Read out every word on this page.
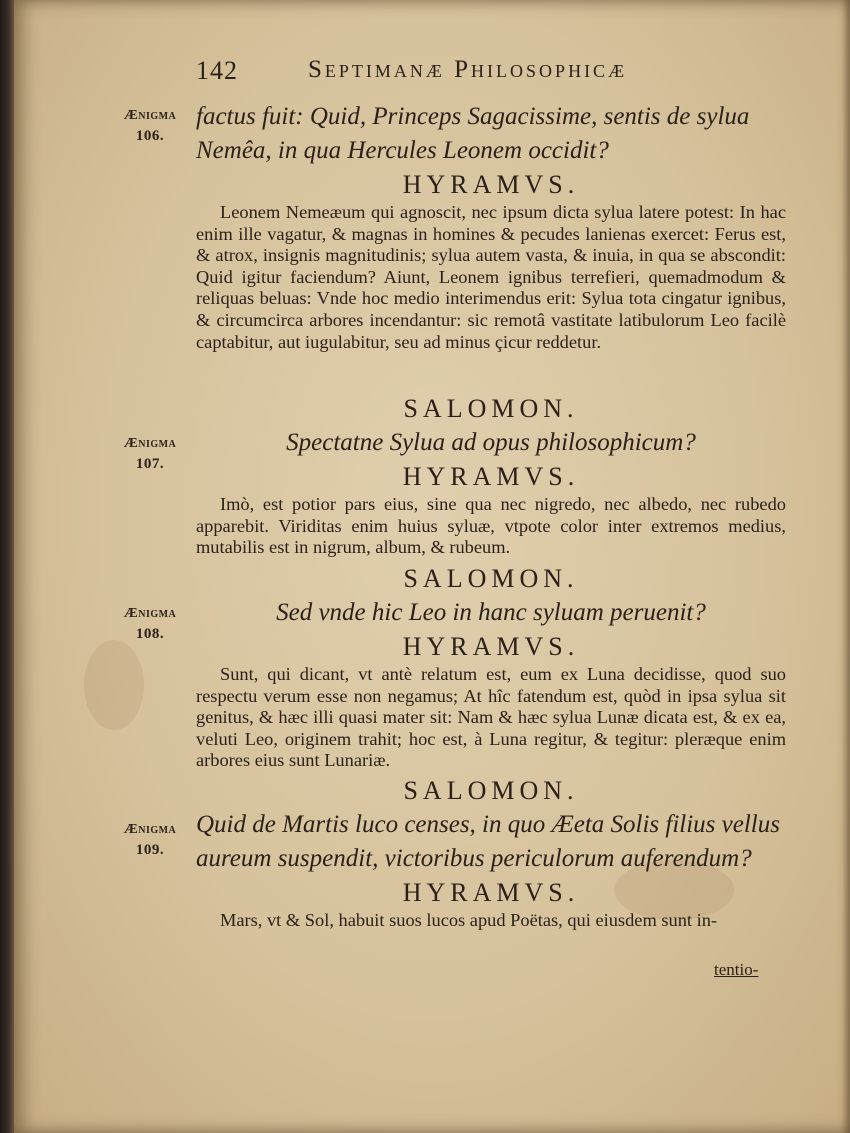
142	Septimanæ Philosophicæ
Ænigma
106.
Ænigma
107.
Ænigma
108.
Ænigma
109.
factus fuit: Quid, Princeps Sagacissime, sentis de sylua Nemêa, in qua Hercules Leonem occidit?
HYRAMVS.
Leonem Nemeæum qui agnoscit, nec ipsum dicta sylua latere potest: In hac enim ille vagatur, & magnas in homines & pecudes lanienas exercet: Ferus est, & atrox, insignis magnitudinis; sylua autem vasta, & inuia, in qua se abscondit: Quid igitur faciendum? Aiunt, Leonem ignibus terrefieri, quemadmodum & reliquas beluas: Vnde hoc medio interimendus erit: Sylua tota cingatur ignibus, & circumcirca arbores incendantur: sic remotâ vastitate latibulorum Leo facilè captabitur, aut iugulabitur, seu ad minus çicur reddetur.
SALOMON.
Spectatne Sylua ad opus philosophicum?
HYRAMVS.
Imò, est potior pars eius, sine qua nec nigredo, nec albedo, nec rubedo apparebit. Viriditas enim huius syluæ, vtpote color inter extremos medius, mutabilis est in nigrum, album, & rubeum.
SALOMON.
Sed vnde hic Leo in hanc syluam peruenit?
HYRAMVS.
Sunt, qui dicant, vt antè relatum est, eum ex Luna decidisse, quod suo respectu verum esse non negamus; At hîc fatendum est, quòd in ipsa sylua sit genitus, & hæc illi quasi mater sit: Nam & hæc sylua Lunæ dicata est, & ex ea, veluti Leo, originem trahit; hoc est, à Luna regitur, & tegitur: pleræque enim arbores eius sunt Lunariæ.
SALOMON.
Quid de Martis luco censes, in quo Æeta Solis filius vellus aureum suspendit, victoribus periculorum auferendum?
HYRAMVS.
Mars, vt & Sol, habuit suos lucos apud Poëtas, qui eiusdem sunt in-
tentio-
